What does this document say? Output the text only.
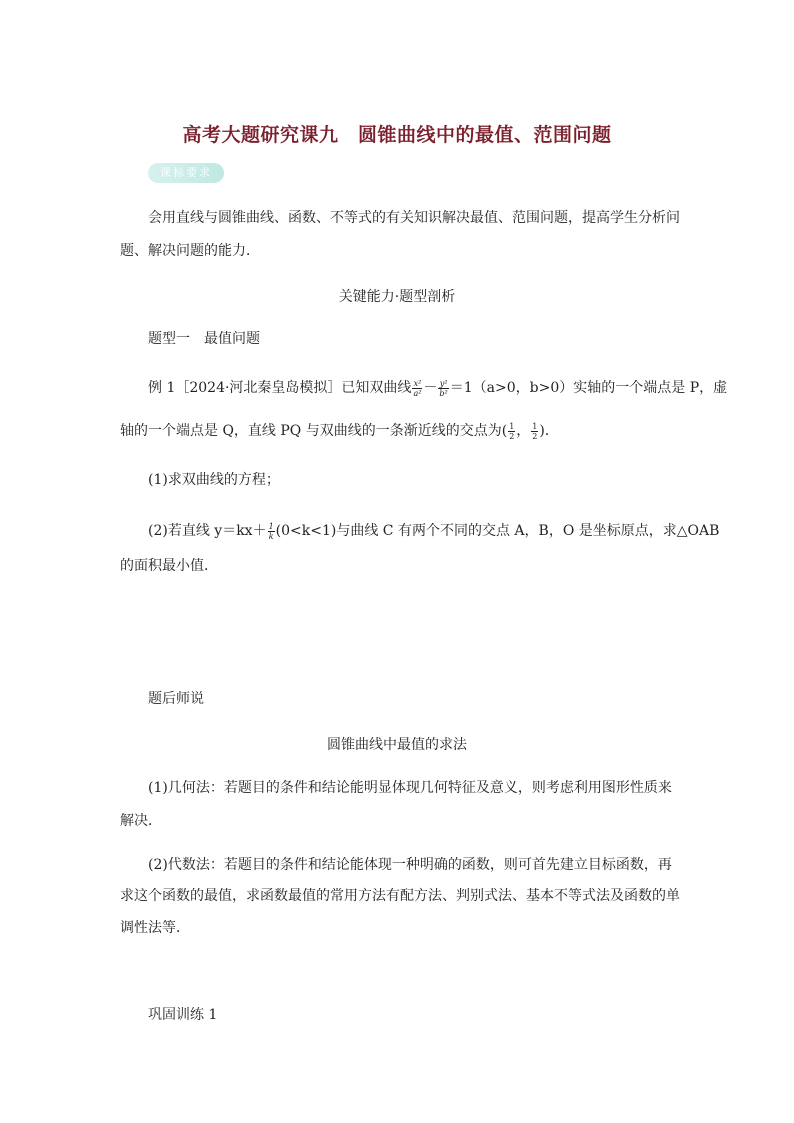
高考大题研究课九　圆锥曲线中的最值、范围问题
课标要求
会用直线与圆锥曲线、函数、不等式的有关知识解决最值、范围问题，提高学生分析问
题、解决问题的能力．
关键能力·题型剖析
题型一　最值问题
例 1［2024·河北秦皇岛模拟］已知双曲线 $\frac{\text{x²}}{\text{a²}} - \frac{\text{y²}}{\text{b²}} =1(a>0$，b>0）实轴的一个端点是 P，虚
轴的一个端点是 Q，直线 PQ 与双曲线的一条渐近线的交点为( $\frac{1}{2}$ ， $\frac{1}{2}$ )．
(1)求双曲线的方程；
(2)若直线 $y=kx+ \frac{1}{k} (0<k<1)$与曲线 C 有两个不同的交点 A，B，O 是坐标原点，求△OAB
的面积最小值．
题后师说
圆锥曲线中最值的求法
(1)几何法：若题目的条件和结论能明显体现几何特征及意义，则考虑利用图形性质来
解决．
(2)代数法：若题目的条件和结论能体现一种明确的函数，则可首先建立目标函数，再
求这个函数的最值，求函数最值的常用方法有配方法、判别式法、基本不等式法及函数的单
调性法等．
巩固训练 1
